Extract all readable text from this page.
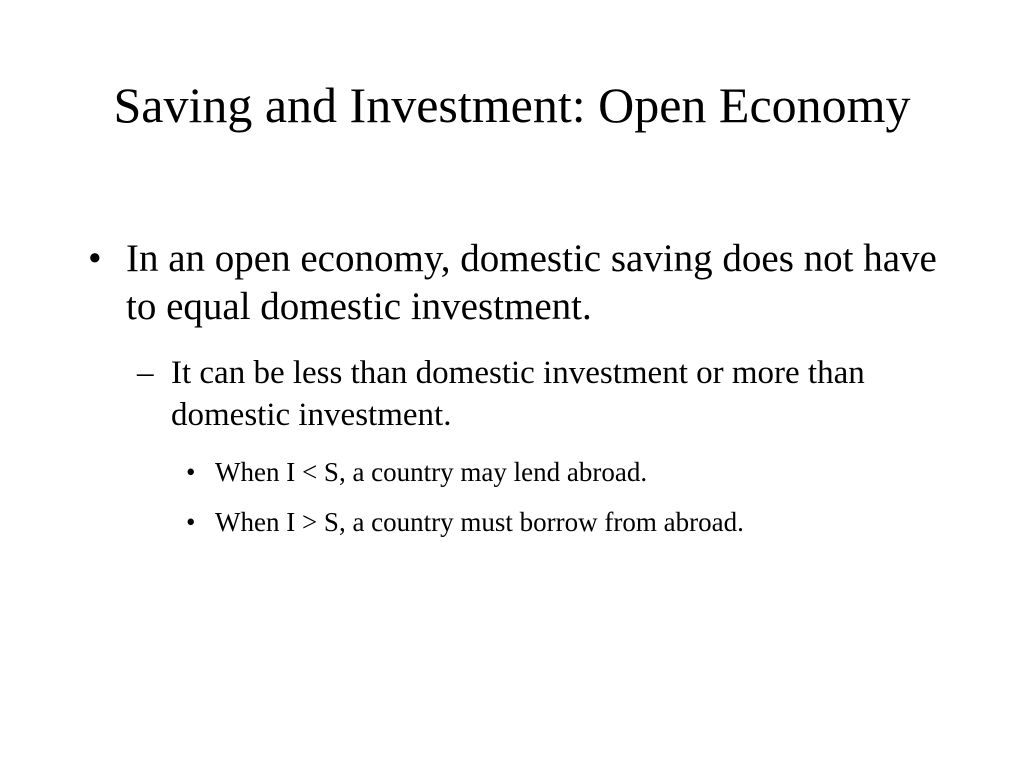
Saving and Investment: Open Economy
• In an open economy, domestic saving does not have to equal domestic investment.
– It can be less than domestic investment or more than domestic investment.
• When I < S, a country may lend abroad.
• When I > S, a country must borrow from abroad.
